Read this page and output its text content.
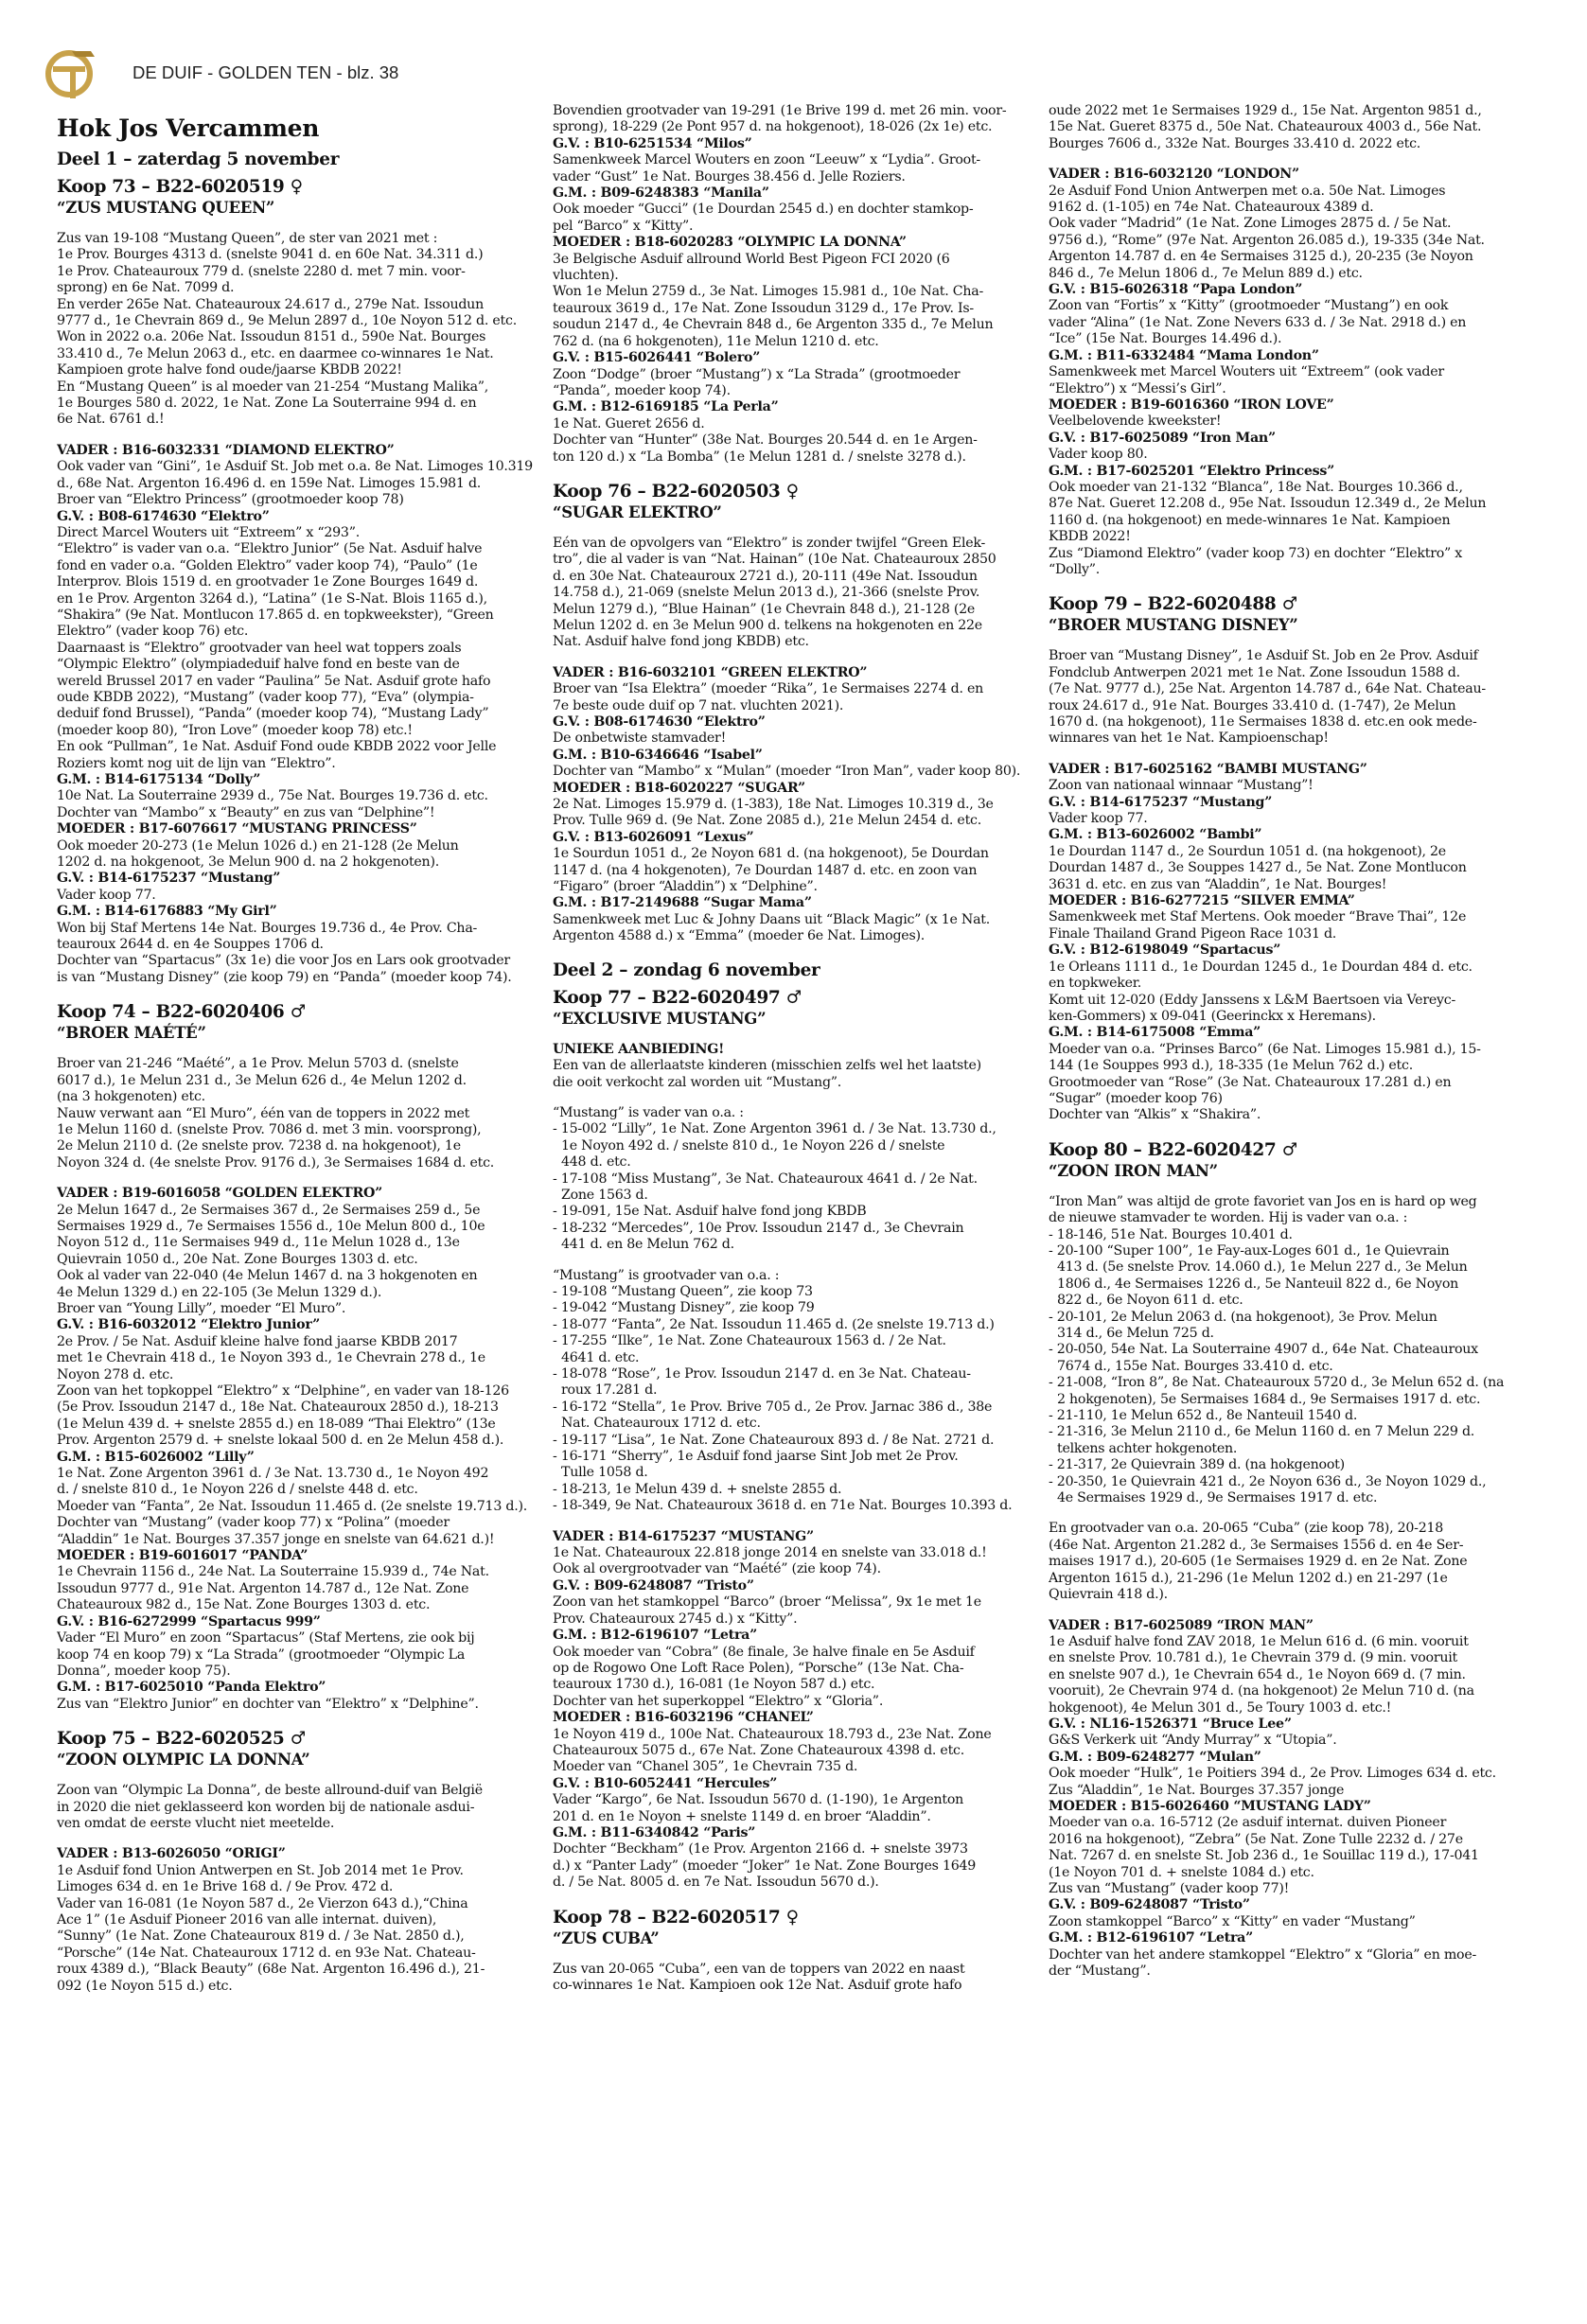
DE DUIF - GOLDEN TEN - blz. 38
Hok Jos Vercammen
Deel 1 – zaterdag 5 november
Koop 73 – B22-6020519 ♀
“ZUS MUSTANG QUEEN”
Zus van 19-108 “Mustang Queen”, de ster van 2021 met :
1e Prov. Bourges 4313 d. (snelste 9041 d. en 60e Nat. 34.311 d.)
1e Prov. Chateauroux 779 d. (snelste 2280 d. met 7 min. voor-
sprong) en 6e Nat. 7099 d.
En verder 265e Nat. Chateauroux 24.617 d., 279e Nat. Issoudun
9777 d., 1e Chevrain 869 d., 9e Melun 2897 d., 10e Noyon 512 d. etc.
Won in 2022 o.a. 206e Nat. Issoudun 8151 d., 590e Nat. Bourges
33.410 d., 7e Melun 2063 d., etc. en daarmee co-winnares 1e Nat.
Kampioen grote halve fond oude/jaarse KBDB 2022!
En “Mustang Queen” is al moeder van 21-254 “Mustang Malika”,
1e Bourges 580 d. 2022, 1e Nat. Zone La Souterraine 994 d. en
6e Nat. 6761 d.!
VADER : B16-6032331 “DIAMOND ELEKTRO”
Ook vader van “Gini”, 1e Asduif St. Job met o.a. 8e Nat. Limoges 10.319
d., 68e Nat. Argenton 16.496 d. en 159e Nat. Limoges 15.981 d.
Broer van “Elektro Princess” (grootmoeder koop 78)
G.V. : B08-6174630 “Elektro”
Direct Marcel Wouters uit “Extreem” x “293”.
“Elektro” is vader van o.a. “Elektro Junior” (5e Nat. Asduif halve
fond en vader o.a. “Golden Elektro” vader koop 74), “Paulo” (1e
Interprov. Blois 1519 d. en grootvader 1e Zone Bourges 1649 d.
en 1e Prov. Argenton 3264 d.), “Latina” (1e S-Nat. Blois 1165 d.),
“Shakira” (9e Nat. Montlucon 17.865 d. en topkweekster), “Green
Elektro” (vader koop 76) etc.
Daarnaast is “Elektro” grootvader van heel wat toppers zoals
“Olympic Elektro” (olympiadeduif halve fond en beste van de
wereld Brussel 2017 en vader “Paulina” 5e Nat. Asduif grote hafo
oude KBDB 2022), “Mustang” (vader koop 77), “Eva” (olympia-
deduif fond Brussel), “Panda” (moeder koop 74), “Mustang Lady”
(moeder koop 80), “Iron Love” (moeder koop 78) etc.!
En ook “Pullman”, 1e Nat. Asduif Fond oude KBDB 2022 voor Jelle
Roziers komt nog uit de lijn van “Elektro”.
G.M. : B14-6175134 “Dolly”
10e Nat. La Souterraine 2939 d., 75e Nat. Bourges 19.736 d. etc.
Dochter van “Mambo” x “Beauty” en zus van “Delphine”!
MOEDER : B17-6076617 “MUSTANG PRINCESS”
Ook moeder 20-273 (1e Melun 1026 d.) en 21-128 (2e Melun
1202 d. na hokgenoot, 3e Melun 900 d. na 2 hokgenoten).
G.V. : B14-6175237 “Mustang”
Vader koop 77.
G.M. : B14-6176883 “My Girl”
Won bij Staf Mertens 14e Nat. Bourges 19.736 d., 4e Prov. Cha-
teauroux 2644 d. en 4e Souppes 1706 d.
Dochter van “Spartacus” (3x 1e) die voor Jos en Lars ook grootvader
is van “Mustang Disney” (zie koop 79) en “Panda” (moeder koop 74).
Koop 74 – B22-6020406 ♂
“BROER MAÉTÉ”
Broer van 21-246 “Maété”, a 1e Prov. Melun 5703 d. (snelste
6017 d.), 1e Melun 231 d., 3e Melun 626 d., 4e Melun 1202 d.
(na 3 hokgenoten) etc.
Nauw verwant aan “El Muro”, één van de toppers in 2022 met
1e Melun 1160 d. (snelste Prov. 7086 d. met 3 min. voorsprong),
2e Melun 2110 d. (2e snelste prov. 7238 d. na hokgenoot), 1e
Noyon 324 d. (4e snelste Prov. 9176 d.), 3e Sermaises 1684 d. etc.
VADER : B19-6016058 “GOLDEN ELEKTRO”
2e Melun 1647 d., 2e Sermaises 367 d., 2e Sermaises 259 d., 5e
Sermaises 1929 d., 7e Sermaises 1556 d., 10e Melun 800 d., 10e
Noyon 512 d., 11e Sermaises 949 d., 11e Melun 1028 d., 13e
Quievrain 1050 d., 20e Nat. Zone Bourges 1303 d. etc.
Ook al vader van 22-040 (4e Melun 1467 d. na 3 hokgenoten en
4e Melun 1329 d.) en 22-105 (3e Melun 1329 d.).
Broer van “Young Lilly”, moeder “El Muro”.
G.V. : B16-6032012 “Elektro Junior”
2e Prov. / 5e Nat. Asduif kleine halve fond jaarse KBDB 2017
met 1e Chevrain 418 d., 1e Noyon 393 d., 1e Chevrain 278 d., 1e
Noyon 278 d. etc.
Zoon van het topkoppel “Elektro” x “Delphine”, en vader van 18-126
(5e Prov. Issoudun 2147 d., 18e Nat. Chateauroux 2850 d.), 18-213
(1e Melun 439 d. + snelste 2855 d.) en 18-089 “Thai Elektro” (13e
Prov. Argenton 2579 d. + snelste lokaal 500 d. en 2e Melun 458 d.).
G.M. : B15-6026002 “Lilly”
1e Nat. Zone Argenton 3961 d. / 3e Nat. 13.730 d., 1e Noyon 492
d. / snelste 810 d., 1e Noyon 226 d / snelste 448 d. etc.
Moeder van “Fanta”, 2e Nat. Issoudun 11.465 d. (2e snelste 19.713 d.).
Dochter van “Mustang” (vader koop 77) x “Polina” (moeder
“Aladdin” 1e Nat. Bourges 37.357 jonge en snelste van 64.621 d.)!
MOEDER : B19-6016017 “PANDA”
1e Chevrain 1156 d., 24e Nat. La Souterraine 15.939 d., 74e Nat.
Issoudun 9777 d., 91e Nat. Argenton 14.787 d., 12e Nat. Zone
Chateauroux 982 d., 15e Nat. Zone Bourges 1303 d. etc.
G.V. : B16-6272999 “Spartacus 999”
Vader “El Muro” en zoon “Spartacus” (Staf Mertens, zie ook bij
koop 74 en koop 79) x “La Strada” (grootmoeder “Olympic La
Donna”, moeder koop 75).
G.M. : B17-6025010 “Panda Elektro”
Zus van “Elektro Junior” en dochter van “Elektro” x “Delphine”.
Koop 75 – B22-6020525 ♂
“ZOON OLYMPIC LA DONNA”
Zoon van “Olympic La Donna”, de beste allround-duif van België
in 2020 die niet geklasseerd kon worden bij de nationale asdui-
ven omdat de eerste vlucht niet meetelde.
VADER : B13-6026050 “ORIGI”
1e Asduif fond Union Antwerpen en St. Job 2014 met 1e Prov.
Limoges 634 d. en 1e Brive 168 d. / 9e Prov. 472 d.
Vader van 16-081 (1e Noyon 587 d., 2e Vierzon 643 d.),“China
Ace 1” (1e Asduif Pioneer 2016 van alle internat. duiven),
“Sunny” (1e Nat. Zone Chateauroux 819 d. / 3e Nat. 2850 d.),
“Porsche” (14e Nat. Chateauroux 1712 d. en 93e Nat. Chateau-
roux 4389 d.), “Black Beauty” (68e Nat. Argenton 16.496 d.), 21-
092 (1e Noyon 515 d.) etc.
Bovendien grootvader van 19-291 (1e Brive 199 d. met 26 min. voor-
sprong), 18-229 (2e Pont 957 d. na hokgenoot), 18-026 (2x 1e) etc.
G.V. : B10-6251534 “Milos”
Samenkweek Marcel Wouters en zoon “Leeuw” x “Lydia”. Groot-
vader “Gust” 1e Nat. Bourges 38.456 d. Jelle Roziers.
G.M. : B09-6248383 “Manila”
Ook moeder “Gucci” (1e Dourdan 2545 d.) en dochter stamkop-
pel “Barco” x “Kitty”.
MOEDER : B18-6020283 “OLYMPIC LA DONNA”
3e Belgische Asduif allround World Best Pigeon FCI 2020 (6
vluchten).
Won 1e Melun 2759 d., 3e Nat. Limoges 15.981 d., 10e Nat. Cha-
teauroux 3619 d., 17e Nat. Zone Issoudun 3129 d., 17e Prov. Is-
soudun 2147 d., 4e Chevrain 848 d., 6e Argenton 335 d., 7e Melun
762 d. (na 6 hokgenoten), 11e Melun 1210 d. etc.
G.V. : B15-6026441 “Bolero”
Zoon “Dodge” (broer “Mustang”) x “La Strada” (grootmoeder
“Panda”, moeder koop 74).
G.M. : B12-6169185 “La Perla”
1e Nat. Gueret 2656 d.
Dochter van “Hunter” (38e Nat. Bourges 20.544 d. en 1e Argen-
ton 120 d.) x “La Bomba” (1e Melun 1281 d. / snelste 3278 d.).
Koop 76 – B22-6020503 ♀
“SUGAR ELEKTRO”
Eén van de opvolgers van “Elektro” is zonder twijfel “Green Elek-
tro”, die al vader is van “Nat. Hainan” (10e Nat. Chateauroux 2850
d. en 30e Nat. Chateauroux 2721 d.), 20-111 (49e Nat. Issoudun
14.758 d.), 21-069 (snelste Melun 2013 d.), 21-366 (snelste Prov.
Melun 1279 d.), “Blue Hainan” (1e Chevrain 848 d.), 21-128 (2e
Melun 1202 d. en 3e Melun 900 d. telkens na hokgenoten en 22e
Nat. Asduif halve fond jong KBDB) etc.
VADER : B16-6032101 “GREEN ELEKTRO”
Broer van “Isa Elektra” (moeder “Rika”, 1e Sermaises 2274 d. en
7e beste oude duif op 7 nat. vluchten 2021).
G.V. : B08-6174630 “Elektro”
De onbetwiste stamvader!
G.M. : B10-6346646 “Isabel”
Dochter van “Mambo” x “Mulan” (moeder “Iron Man”, vader koop 80).
MOEDER : B18-6020227 “SUGAR”
2e Nat. Limoges 15.979 d. (1-383), 18e Nat. Limoges 10.319 d., 3e
Prov. Tulle 969 d. (9e Nat. Zone 2085 d.), 21e Melun 2454 d. etc.
G.V. : B13-6026091 “Lexus”
1e Sourdun 1051 d., 2e Noyon 681 d. (na hokgenoot), 5e Dourdan
1147 d. (na 4 hokgenoten), 7e Dourdan 1487 d. etc. en zoon van
“Figaro” (broer “Aladdin”) x “Delphine”.
G.M. : B17-2149688 “Sugar Mama”
Samenkweek met Luc & Johny Daans uit “Black Magic” (x 1e Nat.
Argenton 4588 d.) x “Emma” (moeder 6e Nat. Limoges).
Deel 2 – zondag 6 november
Koop 77 – B22-6020497 ♂
“EXCLUSIVE MUSTANG”
UNIEKE AANBIEDING!
Een van de allerlaatste kinderen (misschien zelfs wel het laatste)
die ooit verkocht zal worden uit “Mustang”.
“Mustang” is vader van o.a. :
- 15-002 “Lilly”, 1e Nat. Zone Argenton 3961 d. / 3e Nat. 13.730 d.,
1e Noyon 492 d. / snelste 810 d., 1e Noyon 226 d / snelste
448 d. etc.
- 17-108 “Miss Mustang”, 3e Nat. Chateauroux 4641 d. / 2e Nat.
Zone 1563 d.
- 19-091, 15e Nat. Asduif halve fond jong KBDB
- 18-232 “Mercedes”, 10e Prov. Issoudun 2147 d., 3e Chevrain
441 d. en 8e Melun 762 d.
“Mustang” is grootvader van o.a. :
- 19-108 “Mustang Queen”, zie koop 73
- 19-042 “Mustang Disney”, zie koop 79
- 18-077 “Fanta”, 2e Nat. Issoudun 11.465 d. (2e snelste 19.713 d.)
- 17-255 “Ilke”, 1e Nat. Zone Chateauroux 1563 d. / 2e Nat.
4641 d. etc.
- 18-078 “Rose”, 1e Prov. Issoudun 2147 d. en 3e Nat. Chateau-
roux 17.281 d.
- 16-172 “Stella”, 1e Prov. Brive 705 d., 2e Prov. Jarnac 386 d., 38e
Nat. Chateauroux 1712 d. etc.
- 19-117 “Lisa”, 1e Nat. Zone Chateauroux 893 d. / 8e Nat. 2721 d.
- 16-171 “Sherry”, 1e Asduif fond jaarse Sint Job met 2e Prov.
Tulle 1058 d.
- 18-213, 1e Melun 439 d. + snelste 2855 d.
- 18-349, 9e Nat. Chateauroux 3618 d. en 71e Nat. Bourges 10.393 d.
VADER : B14-6175237 “MUSTANG”
1e Nat. Chateauroux 22.818 jonge 2014 en snelste van 33.018 d.!
Ook al overgrootvader van “Maété” (zie koop 74).
G.V. : B09-6248087 “Tristo”
Zoon van het stamkoppel “Barco” (broer “Melissa”, 9x 1e met 1e
Prov. Chateauroux 2745 d.) x “Kitty”.
G.M. : B12-6196107 “Letra”
Ook moeder van “Cobra” (8e finale, 3e halve finale en 5e Asduif
op de Rogowo One Loft Race Polen), “Porsche” (13e Nat. Cha-
teauroux 1730 d.), 16-081 (1e Noyon 587 d.) etc.
Dochter van het superkoppel “Elektro” x “Gloria”.
MOEDER : B16-6032196 “CHANEL”
1e Noyon 419 d., 100e Nat. Chateauroux 18.793 d., 23e Nat. Zone
Chateauroux 5075 d., 67e Nat. Zone Chateauroux 4398 d. etc.
Moeder van “Chanel 305”, 1e Chevrain 735 d.
G.V. : B10-6052441 “Hercules”
Vader “Kargo”, 6e Nat. Issoudun 5670 d. (1-190), 1e Argenton
201 d. en 1e Noyon + snelste 1149 d. en broer “Aladdin”.
G.M. : B11-6340842 “Paris”
Dochter “Beckham” (1e Prov. Argenton 2166 d. + snelste 3973
d.) x “Panter Lady” (moeder “Joker” 1e Nat. Zone Bourges 1649
d. / 5e Nat. 8005 d. en 7e Nat. Issoudun 5670 d.).
Koop 78 – B22-6020517 ♀
“ZUS CUBA”
Zus van 20-065 “Cuba”, een van de toppers van 2022 en naast
co-winnares 1e Nat. Kampioen ook 12e Nat. Asduif grote hafo
oude 2022 met 1e Sermaises 1929 d., 15e Nat. Argenton 9851 d.,
15e Nat. Gueret 8375 d., 50e Nat. Chateauroux 4003 d., 56e Nat.
Bourges 7606 d., 332e Nat. Bourges 33.410 d. 2022 etc.
VADER : B16-6032120 “LONDON”
2e Asduif Fond Union Antwerpen met o.a. 50e Nat. Limoges
9162 d. (1-105) en 74e Nat. Chateauroux 4389 d.
Ook vader “Madrid” (1e Nat. Zone Limoges 2875 d. / 5e Nat.
9756 d.), “Rome” (97e Nat. Argenton 26.085 d.), 19-335 (34e Nat.
Argenton 14.787 d. en 4e Sermaises 3125 d.), 20-235 (3e Noyon
846 d., 7e Melun 1806 d., 7e Melun 889 d.) etc.
G.V. : B15-6026318 “Papa London”
Zoon van “Fortis” x “Kitty” (grootmoeder “Mustang”) en ook
vader “Alina” (1e Nat. Zone Nevers 633 d. / 3e Nat. 2918 d.) en
“Ice” (15e Nat. Bourges 14.496 d.).
G.M. : B11-6332484 “Mama London”
Samenkweek met Marcel Wouters uit “Extreem” (ook vader
“Elektro”) x “Messi’s Girl”.
MOEDER : B19-6016360 “IRON LOVE”
Veelbelovende kweekster!
G.V. : B17-6025089 “Iron Man”
Vader koop 80.
G.M. : B17-6025201 “Elektro Princess”
Ook moeder van 21-132 “Blanca”, 18e Nat. Bourges 10.366 d.,
87e Nat. Gueret 12.208 d., 95e Nat. Issoudun 12.349 d., 2e Melun
1160 d. (na hokgenoot) en mede-winnares 1e Nat. Kampioen
KBDB 2022!
Zus “Diamond Elektro” (vader koop 73) en dochter “Elektro” x
“Dolly”.
Koop 79 – B22-6020488 ♂
“BROER MUSTANG DISNEY”
Broer van “Mustang Disney”, 1e Asduif St. Job en 2e Prov. Asduif
Fondclub Antwerpen 2021 met 1e Nat. Zone Issoudun 1588 d.
(7e Nat. 9777 d.), 25e Nat. Argenton 14.787 d., 64e Nat. Chateau-
roux 24.617 d., 91e Nat. Bourges 33.410 d. (1-747), 2e Melun
1670 d. (na hokgenoot), 11e Sermaises 1838 d. etc.en ook mede-
winnares van het 1e Nat. Kampioenschap!
VADER : B17-6025162 “BAMBI MUSTANG”
Zoon van nationaal winnaar “Mustang”!
G.V. : B14-6175237 “Mustang”
Vader koop 77.
G.M. : B13-6026002 “Bambi”
1e Dourdan 1147 d., 2e Sourdun 1051 d. (na hokgenoot), 2e
Dourdan 1487 d., 3e Souppes 1427 d., 5e Nat. Zone Montlucon
3631 d. etc. en zus van “Aladdin”, 1e Nat. Bourges!
MOEDER : B16-6277215 “SILVER EMMA”
Samenkweek met Staf Mertens. Ook moeder “Brave Thai”, 12e
Finale Thailand Grand Pigeon Race 1031 d.
G.V. : B12-6198049 “Spartacus”
1e Orleans 1111 d., 1e Dourdan 1245 d., 1e Dourdan 484 d. etc.
en topkweker.
Komt uit 12-020 (Eddy Janssens x L&M Baertsoen via Vereyc-
ken-Gommers) x 09-041 (Geerinckx x Heremans).
G.M. : B14-6175008 “Emma”
Moeder van o.a. “Prinses Barco” (6e Nat. Limoges 15.981 d.), 15-
144 (1e Souppes 993 d.), 18-335 (1e Melun 762 d.) etc.
Grootmoeder van “Rose” (3e Nat. Chateauroux 17.281 d.) en
“Sugar” (moeder koop 76)
Dochter van “Alkis” x “Shakira”.
Koop 80 – B22-6020427 ♂
“ZOON IRON MAN”
“Iron Man” was altijd de grote favoriet van Jos en is hard op weg
de nieuwe stamvader te worden. Hij is vader van o.a. :
- 18-146, 51e Nat. Bourges 10.401 d.
- 20-100 “Super 100”, 1e Fay-aux-Loges 601 d., 1e Quievrain
413 d. (5e snelste Prov. 14.060 d.), 1e Melun 227 d., 3e Melun
1806 d., 4e Sermaises 1226 d., 5e Nanteuil 822 d., 6e Noyon
822 d., 6e Noyon 611 d. etc.
- 20-101, 2e Melun 2063 d. (na hokgenoot), 3e Prov. Melun
314 d., 6e Melun 725 d.
- 20-050, 54e Nat. La Souterraine 4907 d., 64e Nat. Chateauroux
7674 d., 155e Nat. Bourges 33.410 d. etc.
- 21-008, “Iron 8”, 8e Nat. Chateauroux 5720 d., 3e Melun 652 d. (na
2 hokgenoten), 5e Sermaises 1684 d., 9e Sermaises 1917 d. etc.
- 21-110, 1e Melun 652 d., 8e Nanteuil 1540 d.
- 21-316, 3e Melun 2110 d., 6e Melun 1160 d. en 7 Melun 229 d.
telkens achter hokgenoten.
- 21-317, 2e Quievrain 389 d. (na hokgenoot)
- 20-350, 1e Quievrain 421 d., 2e Noyon 636 d., 3e Noyon 1029 d.,
4e Sermaises 1929 d., 9e Sermaises 1917 d. etc.
En grootvader van o.a. 20-065 “Cuba” (zie koop 78), 20-218
(46e Nat. Argenton 21.282 d., 3e Sermaises 1556 d. en 4e Ser-
maises 1917 d.), 20-605 (1e Sermaises 1929 d. en 2e Nat. Zone
Argenton 1615 d.), 21-296 (1e Melun 1202 d.) en 21-297 (1e
Quievrain 418 d.).
VADER : B17-6025089 “IRON MAN”
1e Asduif halve fond ZAV 2018, 1e Melun 616 d. (6 min. vooruit
en snelste Prov. 10.781 d.), 1e Chevrain 379 d. (9 min. vooruit
en snelste 907 d.), 1e Chevrain 654 d., 1e Noyon 669 d. (7 min.
vooruit), 2e Chevrain 974 d. (na hokgenoot) 2e Melun 710 d. (na
hokgenoot), 4e Melun 301 d., 5e Toury 1003 d. etc.!
G.V. : NL16-1526371 “Bruce Lee”
G&S Verkerk uit “Andy Murray” x “Utopia”.
G.M. : B09-6248277 “Mulan”
Ook moeder “Hulk”, 1e Poitiers 394 d., 2e Prov. Limoges 634 d. etc.
Zus “Aladdin”, 1e Nat. Bourges 37.357 jonge
MOEDER : B15-6026460 “MUSTANG LADY”
Moeder van o.a. 16-5712 (2e asduif internat. duiven Pioneer
2016 na hokgenoot), “Zebra” (5e Nat. Zone Tulle 2232 d. / 27e
Nat. 7267 d. en snelste St. Job 236 d., 1e Souillac 119 d.), 17-041
(1e Noyon 701 d. + snelste 1084 d.) etc.
Zus van “Mustang” (vader koop 77)!
G.V. : B09-6248087 “Tristo”
Zoon stamkoppel “Barco” x “Kitty” en vader “Mustang”
G.M. : B12-6196107 “Letra”
Dochter van het andere stamkoppel “Elektro” x “Gloria” en moe-
der “Mustang”.
